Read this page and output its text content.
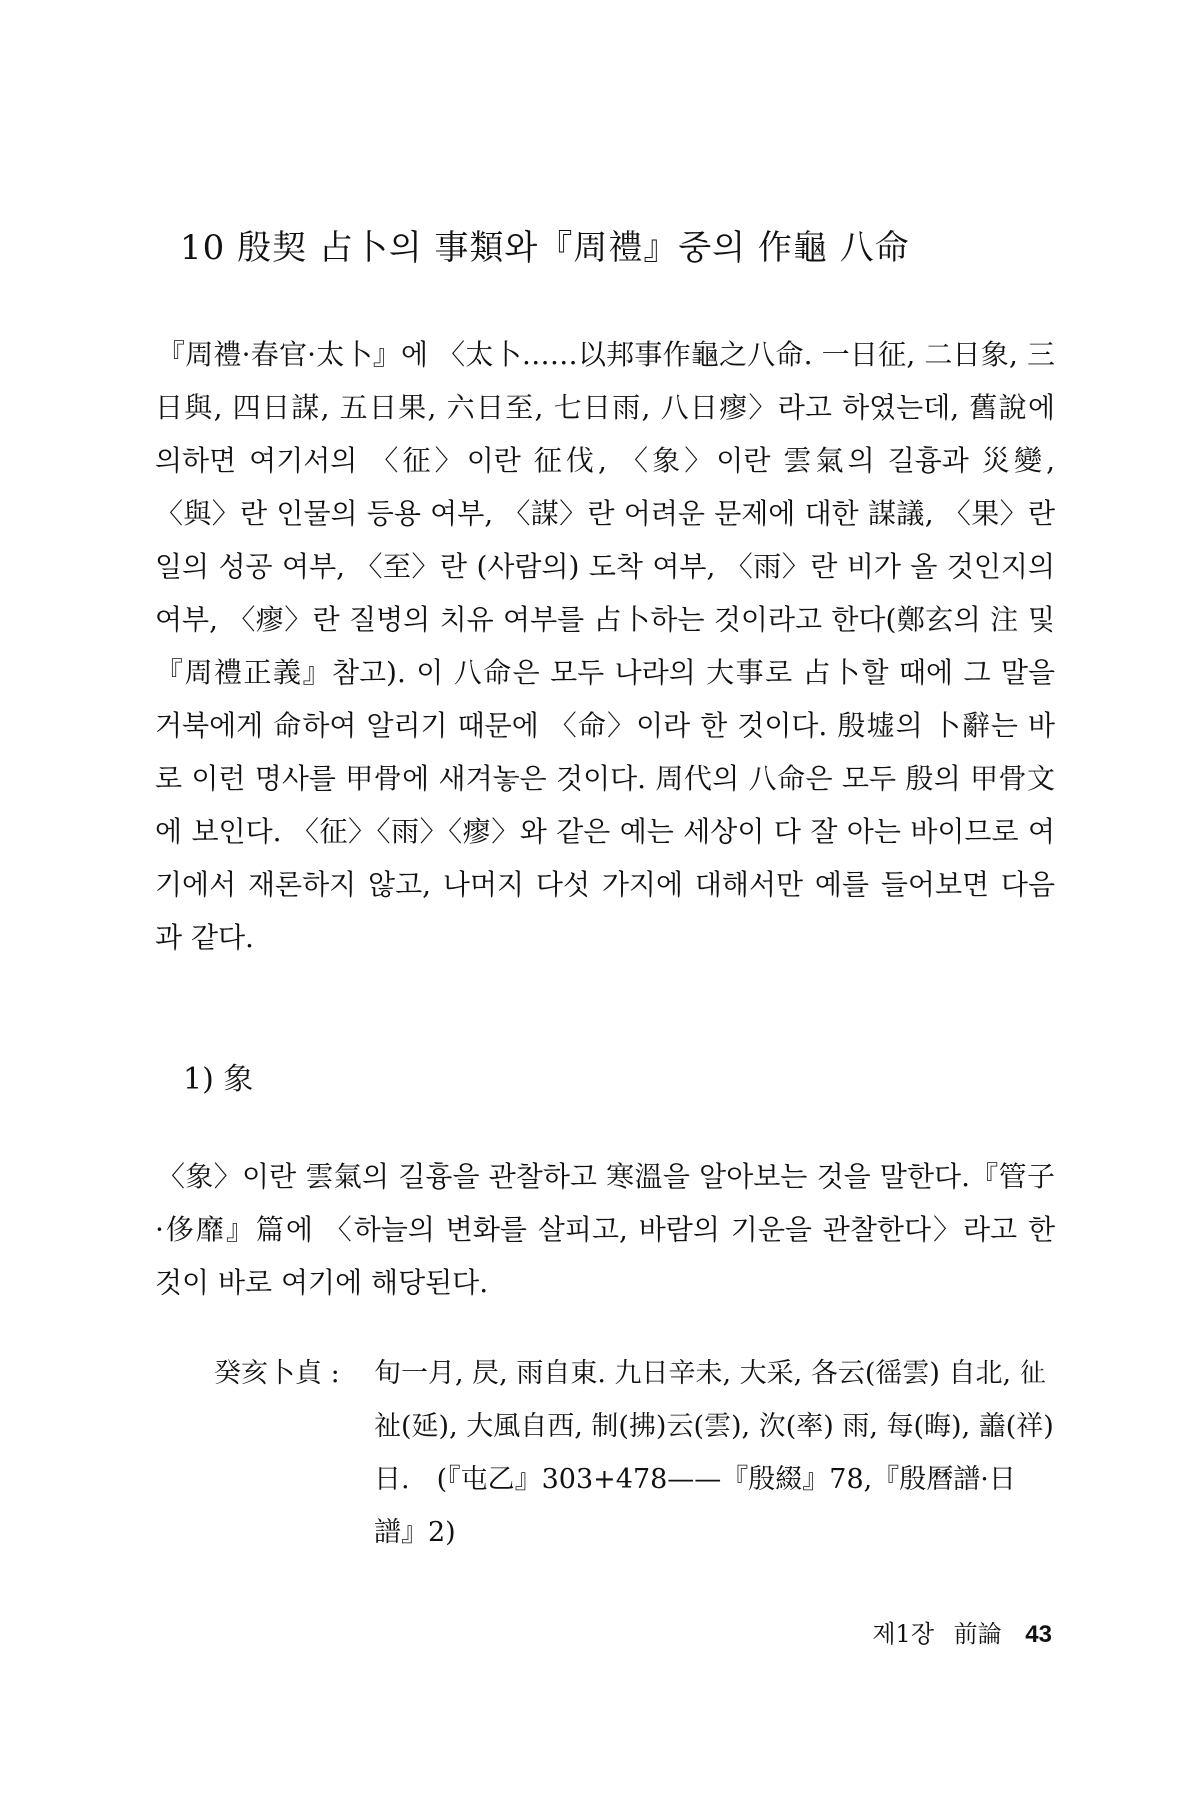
10 殷契 占卜의 事類와『周禮』중의 作龜 八命

『周禮·春官·太卜』에 〈太卜……以邦事作龜之八命. 一日征, 二日象, 三日與, 四日謀, 五日果, 六日至, 七日雨, 八日瘳〉라고 하였는데, 舊說에 의하면 여기서의 〈征〉이란 征伐, 〈象〉이란 雲氣의 길흉과 災變, 〈與〉란 인물의 등용 여부, 〈謀〉란 어려운 문제에 대한 謀議, 〈果〉란 일의 성공 여부, 〈至〉란 (사람의) 도착 여부, 〈雨〉란 비가 올 것인지의 여부, 〈瘳〉란 질병의 치유 여부를 占卜하는 것이라고 한다(鄭玄의 注 및『周禮正義』참고). 이 八命은 모두 나라의 大事로 占卜할 때에 그 말을 거북에게 命하여 알리기 때문에 〈命〉이라 한 것이다. 殷墟의 卜辭는 바로 이런 명사를 甲骨에 새겨놓은 것이다. 周代의 八命은 모두 殷의 甲骨文에 보인다. 〈征〉〈雨〉〈瘳〉와 같은 예는 세상이 다 잘 아는 바이므로 여기에서 재론하지 않고, 나머지 다섯 가지에 대해서만 예를 들어보면 다음과 같다.

1) 象

〈象〉이란 雲氣의 길흉을 관찰하고 寒溫을 알아보는 것을 말한다.『管子·侈靡』篇에 〈하늘의 변화를 살피고, 바람의 기운을 관찰한다〉라고 한 것이 바로 여기에 해당된다.

癸亥卜貞 : 旬一月, 昃, 雨自東. 九日辛未, 大采, 各云(徭雲) 自北, 𢓊祉(延), 大風自西, 制(拂)云(雲), 㳄(率) 雨, 每(晦), 譱(祥)日.　(『屯乙』303+478——『殷綴』78,『殷曆譜·日譜』2)
제1장 前論 43
